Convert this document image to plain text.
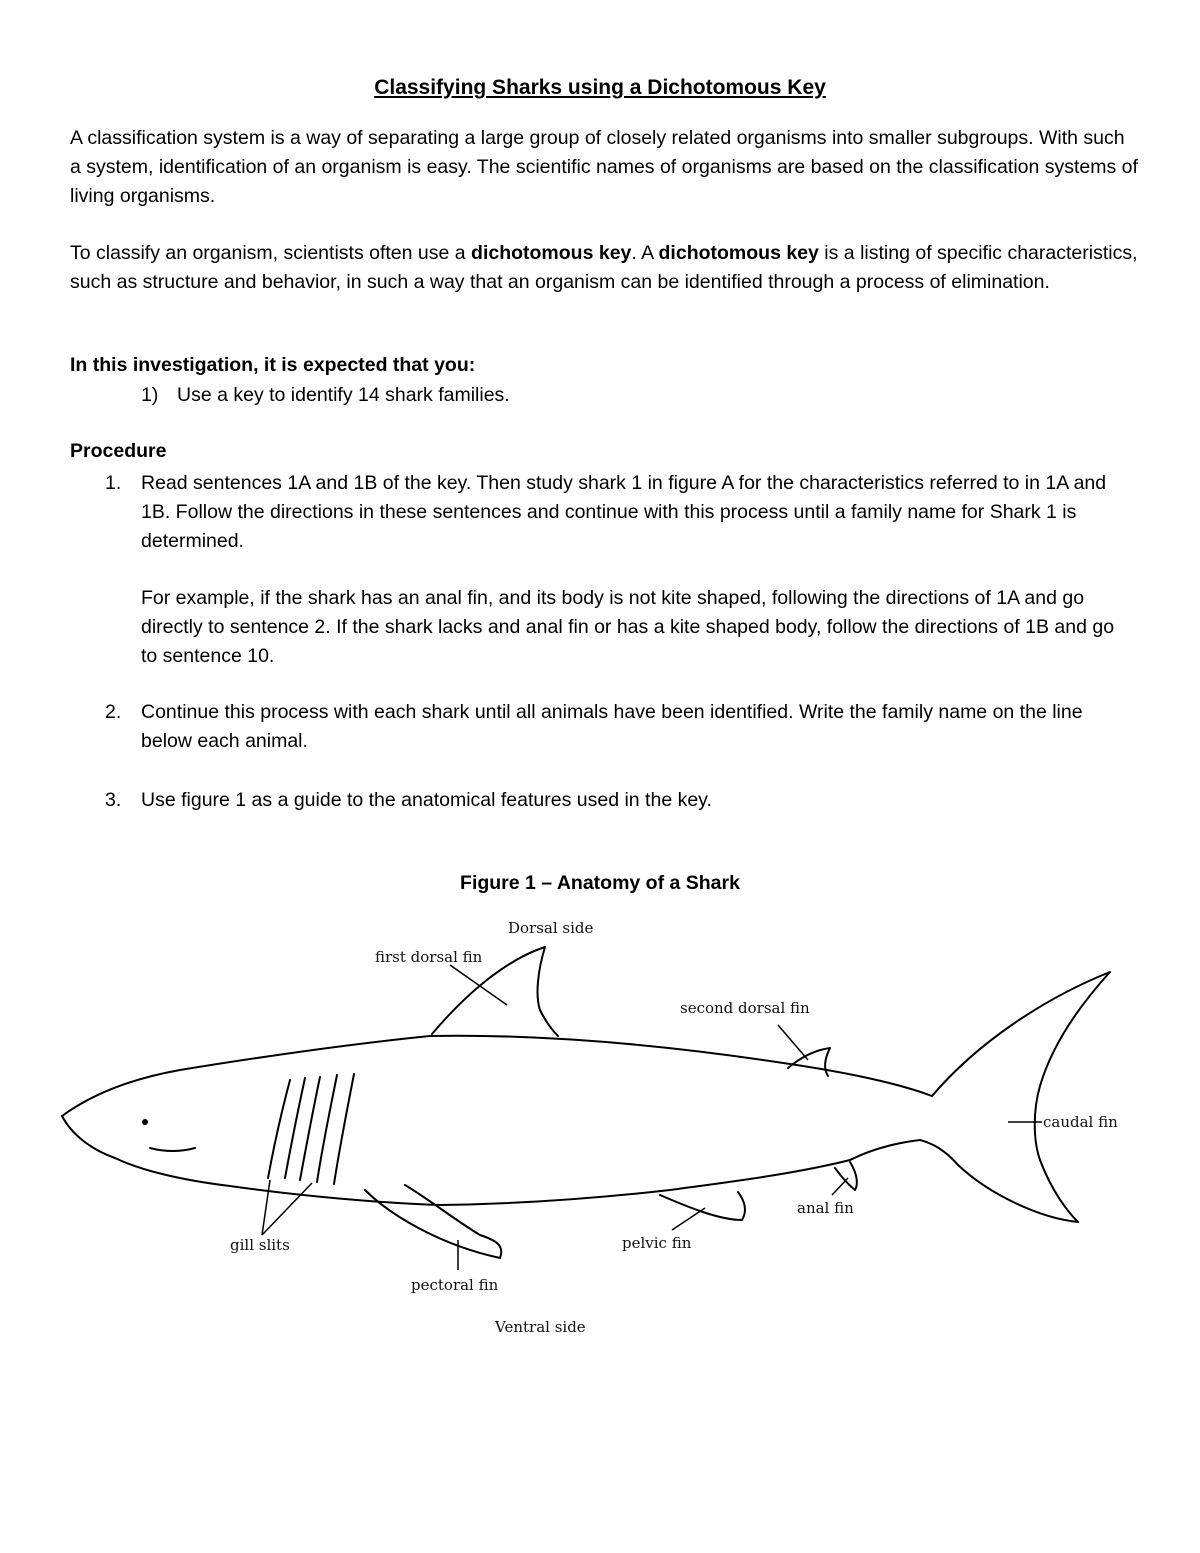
Classifying Sharks using a Dichotomous Key

A classification system is a way of separating a large group of closely related organisms into smaller subgroups. With such a system, identification of an organism is easy. The scientific names of organisms are based on the classification systems of living organisms.

To classify an organism, scientists often use a dichotomous key. A dichotomous key is a listing of specific characteristics, such as structure and behavior, in such a way that an organism can be identified through a process of elimination.

In this investigation, it is expected that you:
1) Use a key to identify 14 shark families.
Procedure
1. Read sentences 1A and 1B of the key. Then study shark 1 in figure A for the characteristics referred to in 1A and 1B. Follow the directions in these sentences and continue with this process until a family name for Shark 1 is determined.
For example, if the shark has an anal fin, and its body is not kite shaped, following the directions of 1A and go directly to sentence 2. If the shark lacks and anal fin or has a kite shaped body, follow the directions of 1B and go to sentence 10.
2. Continue this process with each shark until all animals have been identified. Write the family name on the line below each animal.
3. Use figure 1 as a guide to the anatomical features used in the key.
Figure 1 – Anatomy of a Shark
Dorsal side
first dorsal fin
second dorsal fin
caudal fin
anal fin
pelvic fin
gill slits
pectoral fin
Ventral side
